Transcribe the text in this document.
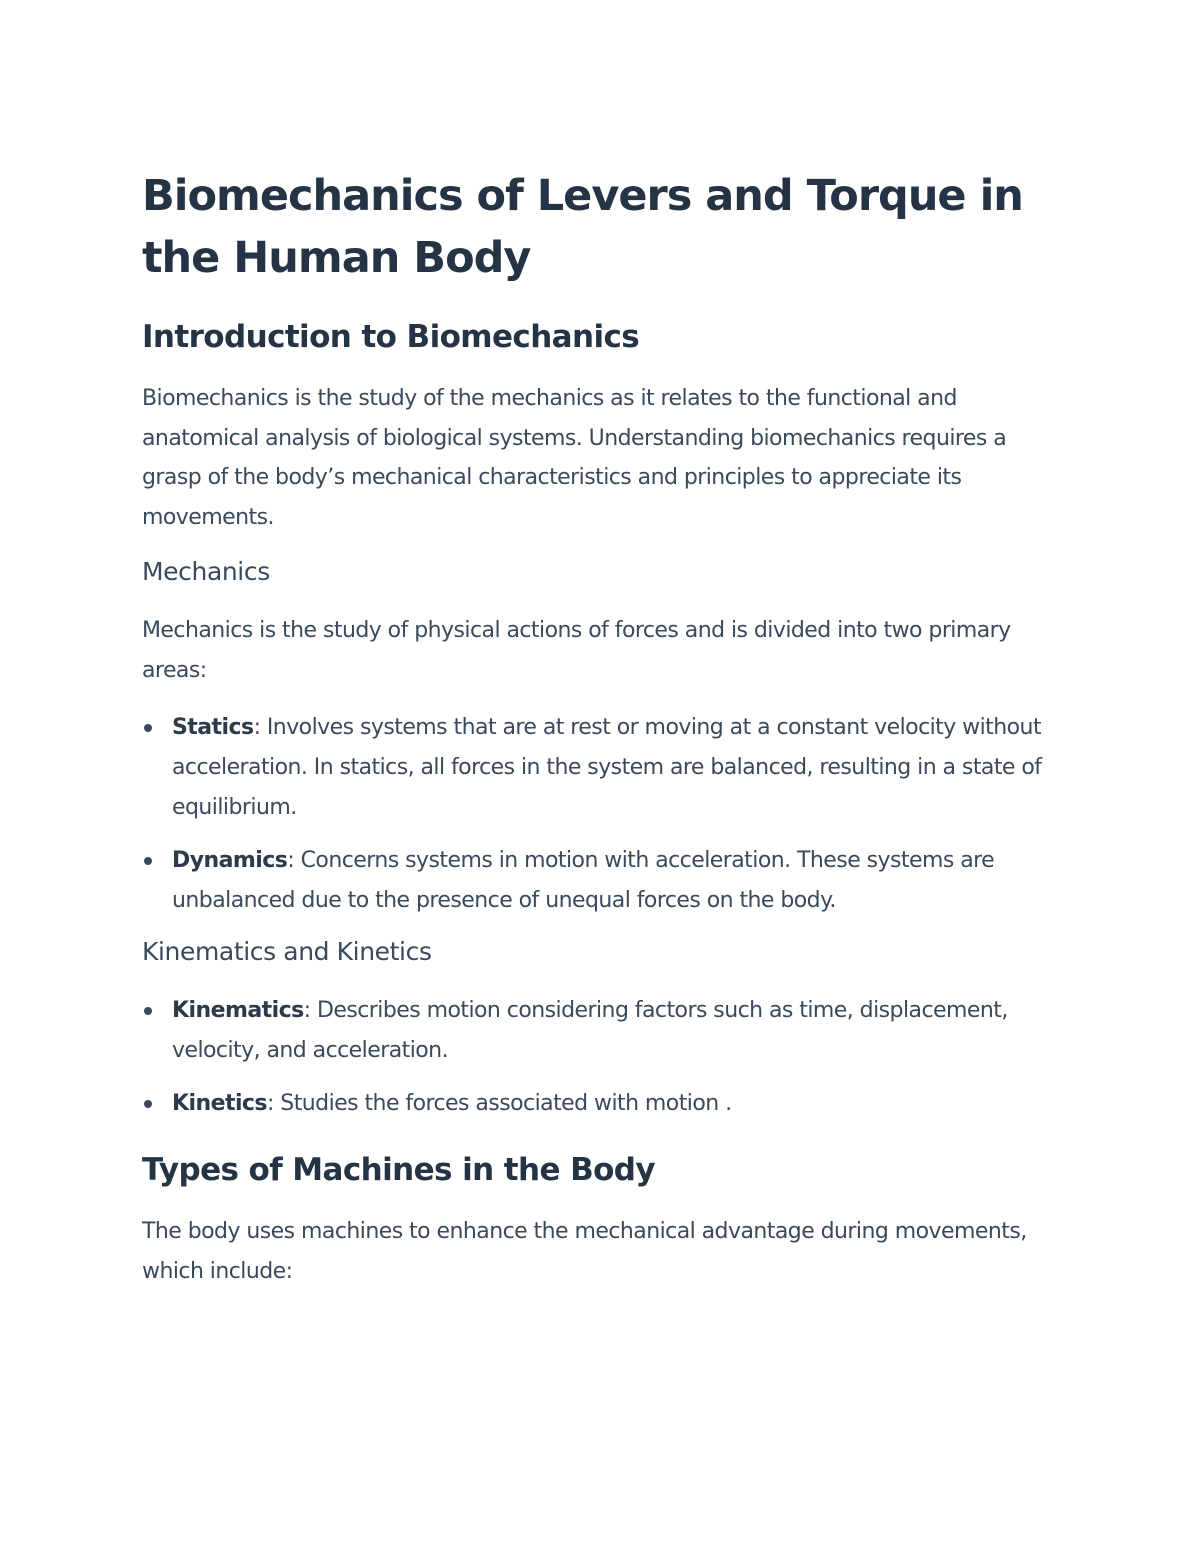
Biomechanics of Levers and Torque in the Human Body
Introduction to Biomechanics

Biomechanics is the study of the mechanics as it relates to the functional and anatomical analysis of biological systems. Understanding biomechanics requires a grasp of the body’s mechanical characteristics and principles to appreciate its movements.

Mechanics

Mechanics is the study of physical actions of forces and is divided into two primary areas:

Statics: Involves systems that are at rest or moving at a constant velocity without acceleration. In statics, all forces in the system are balanced, resulting in a state of equilibrium.
Dynamics: Concerns systems in motion with acceleration. These systems are unbalanced due to the presence of unequal forces on the body.
Kinematics and Kinetics
Kinematics: Describes motion considering factors such as time, displacement, velocity, and acceleration.
Kinetics: Studies the forces associated with motion .
Types of Machines in the Body

The body uses machines to enhance the mechanical advantage during movements, which include:
